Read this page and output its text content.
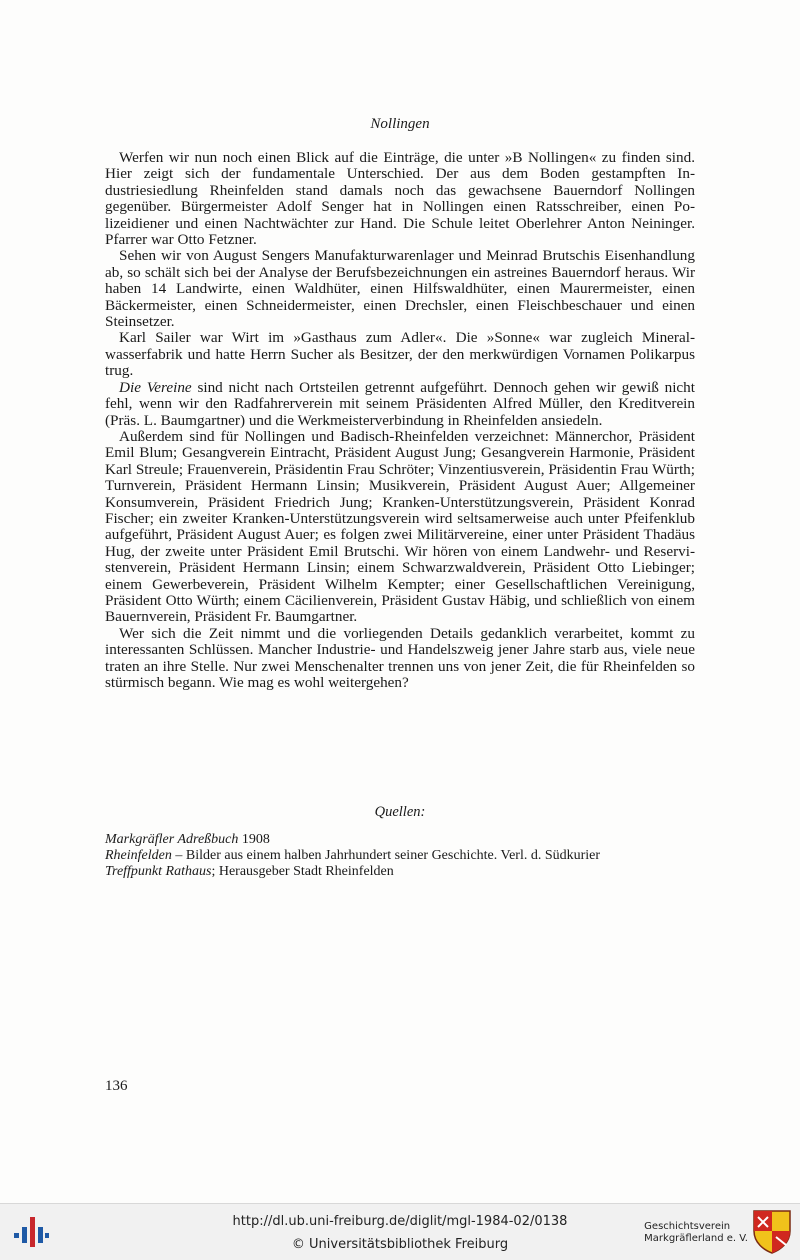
Nollingen

Werfen wir nun noch einen Blick auf die Einträge, die unter »B Nollingen« zu finden sind. Hier zeigt sich der fundamentale Unterschied. Der aus dem Boden gestampften Industriesiedlung Rheinfelden stand damals noch das gewachsene Bauerndorf Nollingen gegenüber. Bürgermeister Adolf Senger hat in Nollingen einen Ratsschreiber, einen Polizeidiener und einen Nachtwächter zur Hand. Die Schule leitet Oberlehrer Anton Neininger. Pfarrer war Otto Fetzner.

Sehen wir von August Sengers Manufakturwarenlager und Meinrad Brutschis Eisenhandlung ab, so schält sich bei der Analyse der Berufsbezeichnungen ein astreines Bauerndorf heraus. Wir haben 14 Landwirte, einen Waldhüter, einen Hilfswaldhüter, einen Maurermeister, einen Bäckermeister, einen Schneidermeister, einen Drechsler, einen Fleischbeschauer und einen Steinsetzer.

Karl Sailer war Wirt im »Gasthaus zum Adler«. Die »Sonne« war zugleich Mineralwasserfabrik und hatte Herrn Sucher als Besitzer, der den merkwürdigen Vornamen Polikarpus trug.

Die Vereine sind nicht nach Ortsteilen getrennt aufgeführt. Dennoch gehen wir gewiß nicht fehl, wenn wir den Radfahrerverein mit seinem Präsidenten Alfred Müller, den Kreditverein (Präs. L. Baumgartner) und die Werkmeisterverbindung in Rheinfelden ansiedeln.

Außerdem sind für Nollingen und Badisch-Rheinfelden verzeichnet: Männerchor, Präsident Emil Blum; Gesangverein Eintracht, Präsident August Jung; Gesangverein Harmonie, Präsident Karl Streule; Frauenverein, Präsidentin Frau Schröter; Vinzentiusverein, Präsidentin Frau Würth; Turnverein, Präsident Hermann Linsin; Musikverein, Präsident August Auer; Allgemeiner Konsumverein, Präsident Friedrich Jung; Kranken-Unterstützungsverein, Präsident Konrad Fischer; ein zweiter Kranken-Unterstützungsverein wird seltsamerweise auch unter Pfeifenklub aufgeführt, Präsident August Auer; es folgen zwei Militärvereine, einer unter Präsident Thadäus Hug, der zweite unter Präsident Emil Brutschi. Wir hören von einem Landwehr- und Reservistenverein, Präsident Hermann Linsin; einem Schwarzwaldverein, Präsident Otto Liebinger; einem Gewerbeverein, Präsident Wilhelm Kempter; einer Gesellschaftlichen Vereinigung, Präsident Otto Würth; einem Cäcilienverein, Präsident Gustav Häbig, und schließlich von einem Bauernverein, Präsident Fr. Baumgartner.

Wer sich die Zeit nimmt und die vorliegenden Details gedanklich verarbeitet, kommt zu interessanten Schlüssen. Mancher Industrie- und Handelszweig jener Jahre starb aus, viele neue traten an ihre Stelle. Nur zwei Menschenalter trennen uns von jener Zeit, die für Rheinfelden so stürmisch begann. Wie mag es wohl weitergehen?

Quellen:
Markgräfler Adreßbuch 1908
Rheinfelden – Bilder aus einem halben Jahrhundert seiner Geschichte. Verl. d. Südkurier
Treffpunkt Rathaus; Herausgeber Stadt Rheinfelden
136
http://dl.ub.uni-freiburg.de/diglit/mgl-1984-02/0138
© Universitätsbibliothek Freiburg
Geschichtsverein
Markgräflerland e. V.
